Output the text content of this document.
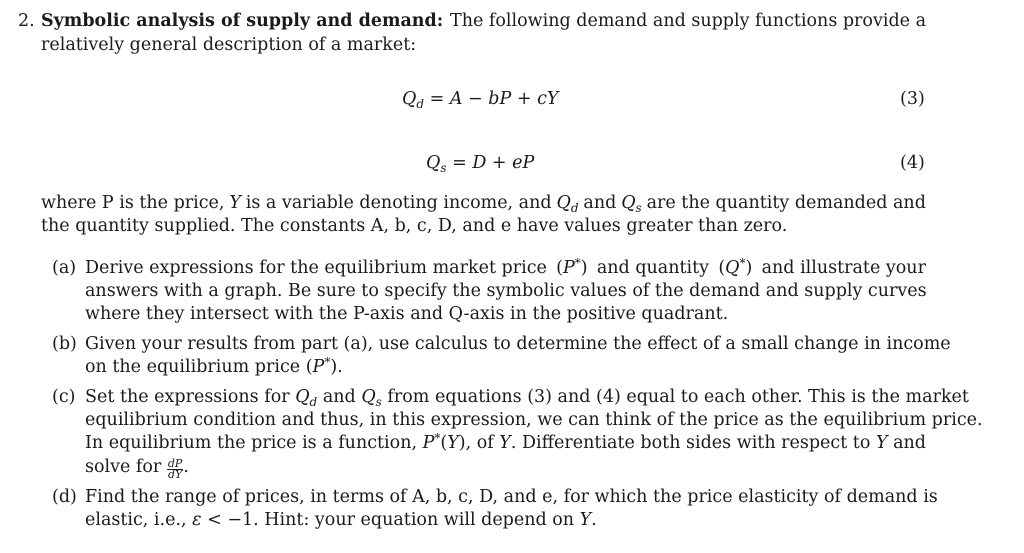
2. Symbolic analysis of supply and demand: The following demand and supply functions provide a
relatively general description of a market:
$Q_d = A$ − bP + cY	(3)
$Q_s = D$ + eP	(4)
where P is the price, Y is a variable denoting income, and $Q_d$ and $Q_s$ are the quantity demanded and
the quantity supplied. The constants A, b, c, D, and e have values greater than zero.
(a) Derive expressions for the equilibrium market price (P*) and quantity (Q*) and illustrate your
answers with a graph. Be sure to specify the symbolic values of the demand and supply curves
where they intersect with the P-axis and Q-axis in the positive quadrant.
(b) Given your results from part (a), use calculus to determine the effect of a small change in income
on the equilibrium price (P*).
(c) Set the expressions for $Q_d$ and $Q_s$ from equations (3) and (4) equal to each other. This is the market
equilibrium condition and thus, in this expression, we can think of the price as the equilibrium price.
In equilibrium the price is a function, P*(Y), of Y. Differentiate both sides with respect to Y and
solve for $\frac{dP}{dY}$ .
(d) Find the range of prices, in terms of A, b, c, D, and e, for which the price elasticity of demand is
elastic, i.e., ε < −1. Hint: your equation will depend on Y.
